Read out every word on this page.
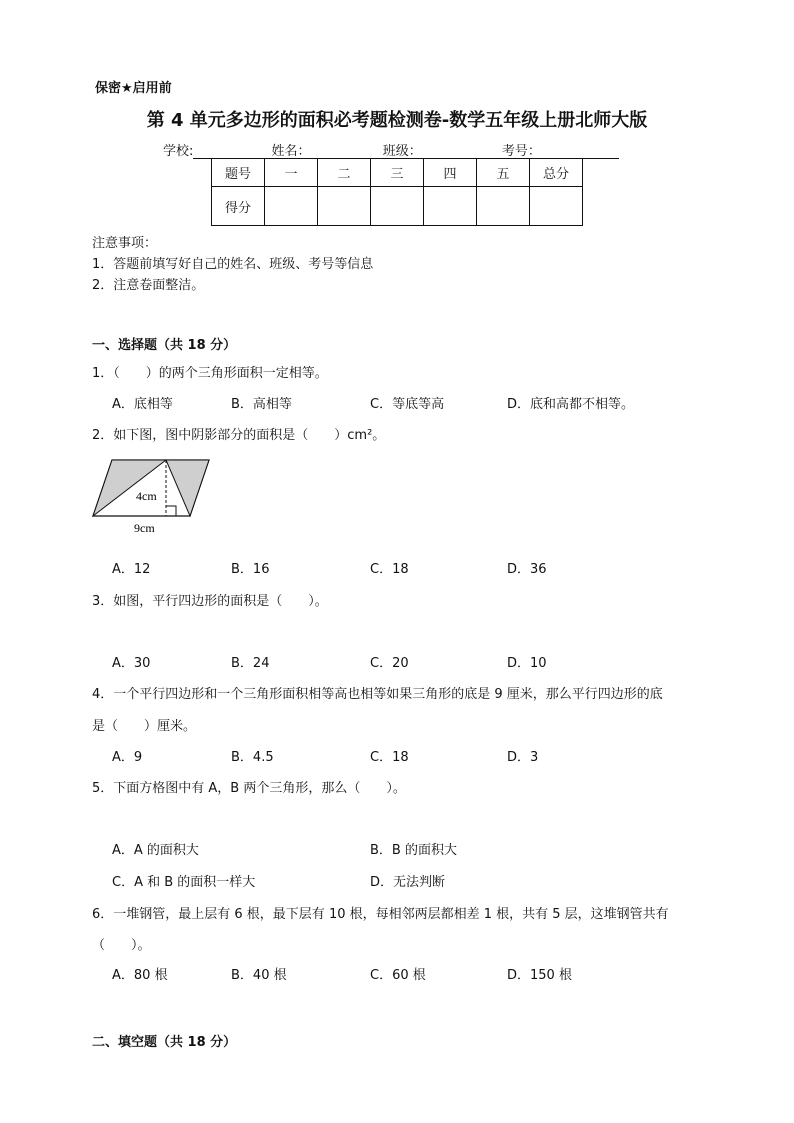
保密★启用前
第 4 单元多边形的面积必考题检测卷-数学五年级上册北师大版
学校:	姓名：	班级：	考号：
题号	一	二	三	四	五	总分
得分						
注意事项：
1．答题前填写好自己的姓名、班级、考号等信息
2．注意卷面整洁。
一、选择题（共 18 分）
1．（　　）的两个三角形面积一定相等。
A．底相等	B．高相等	C．等底等高	D．底和高都不相等。
2．如下图，图中阴影部分的面积是（　　）cm²。
4cm
9cm
A．12	B．16	C．18	D．36
3．如图，平行四边形的面积是（　　）。
A．30	B．24	C．20	D．10
4．一个平行四边形和一个三角形面积相等高也相等如果三角形的底是 9 厘米，那么平行四边形的底
是（　　）厘米。
A．9	B．4.5	C．18	D．3
5．下面方格图中有 A，B 两个三角形，那么（　　）。
A．A 的面积大	B．B 的面积大
C．A 和 B 的面积一样大	D．无法判断
6．一堆钢管，最上层有 6 根，最下层有 10 根，每相邻两层都相差 1 根，共有 5 层，这堆钢管共有
（　　）。
A．80 根	B．40 根	C．60 根	D．150 根
二、填空题（共 18 分）
